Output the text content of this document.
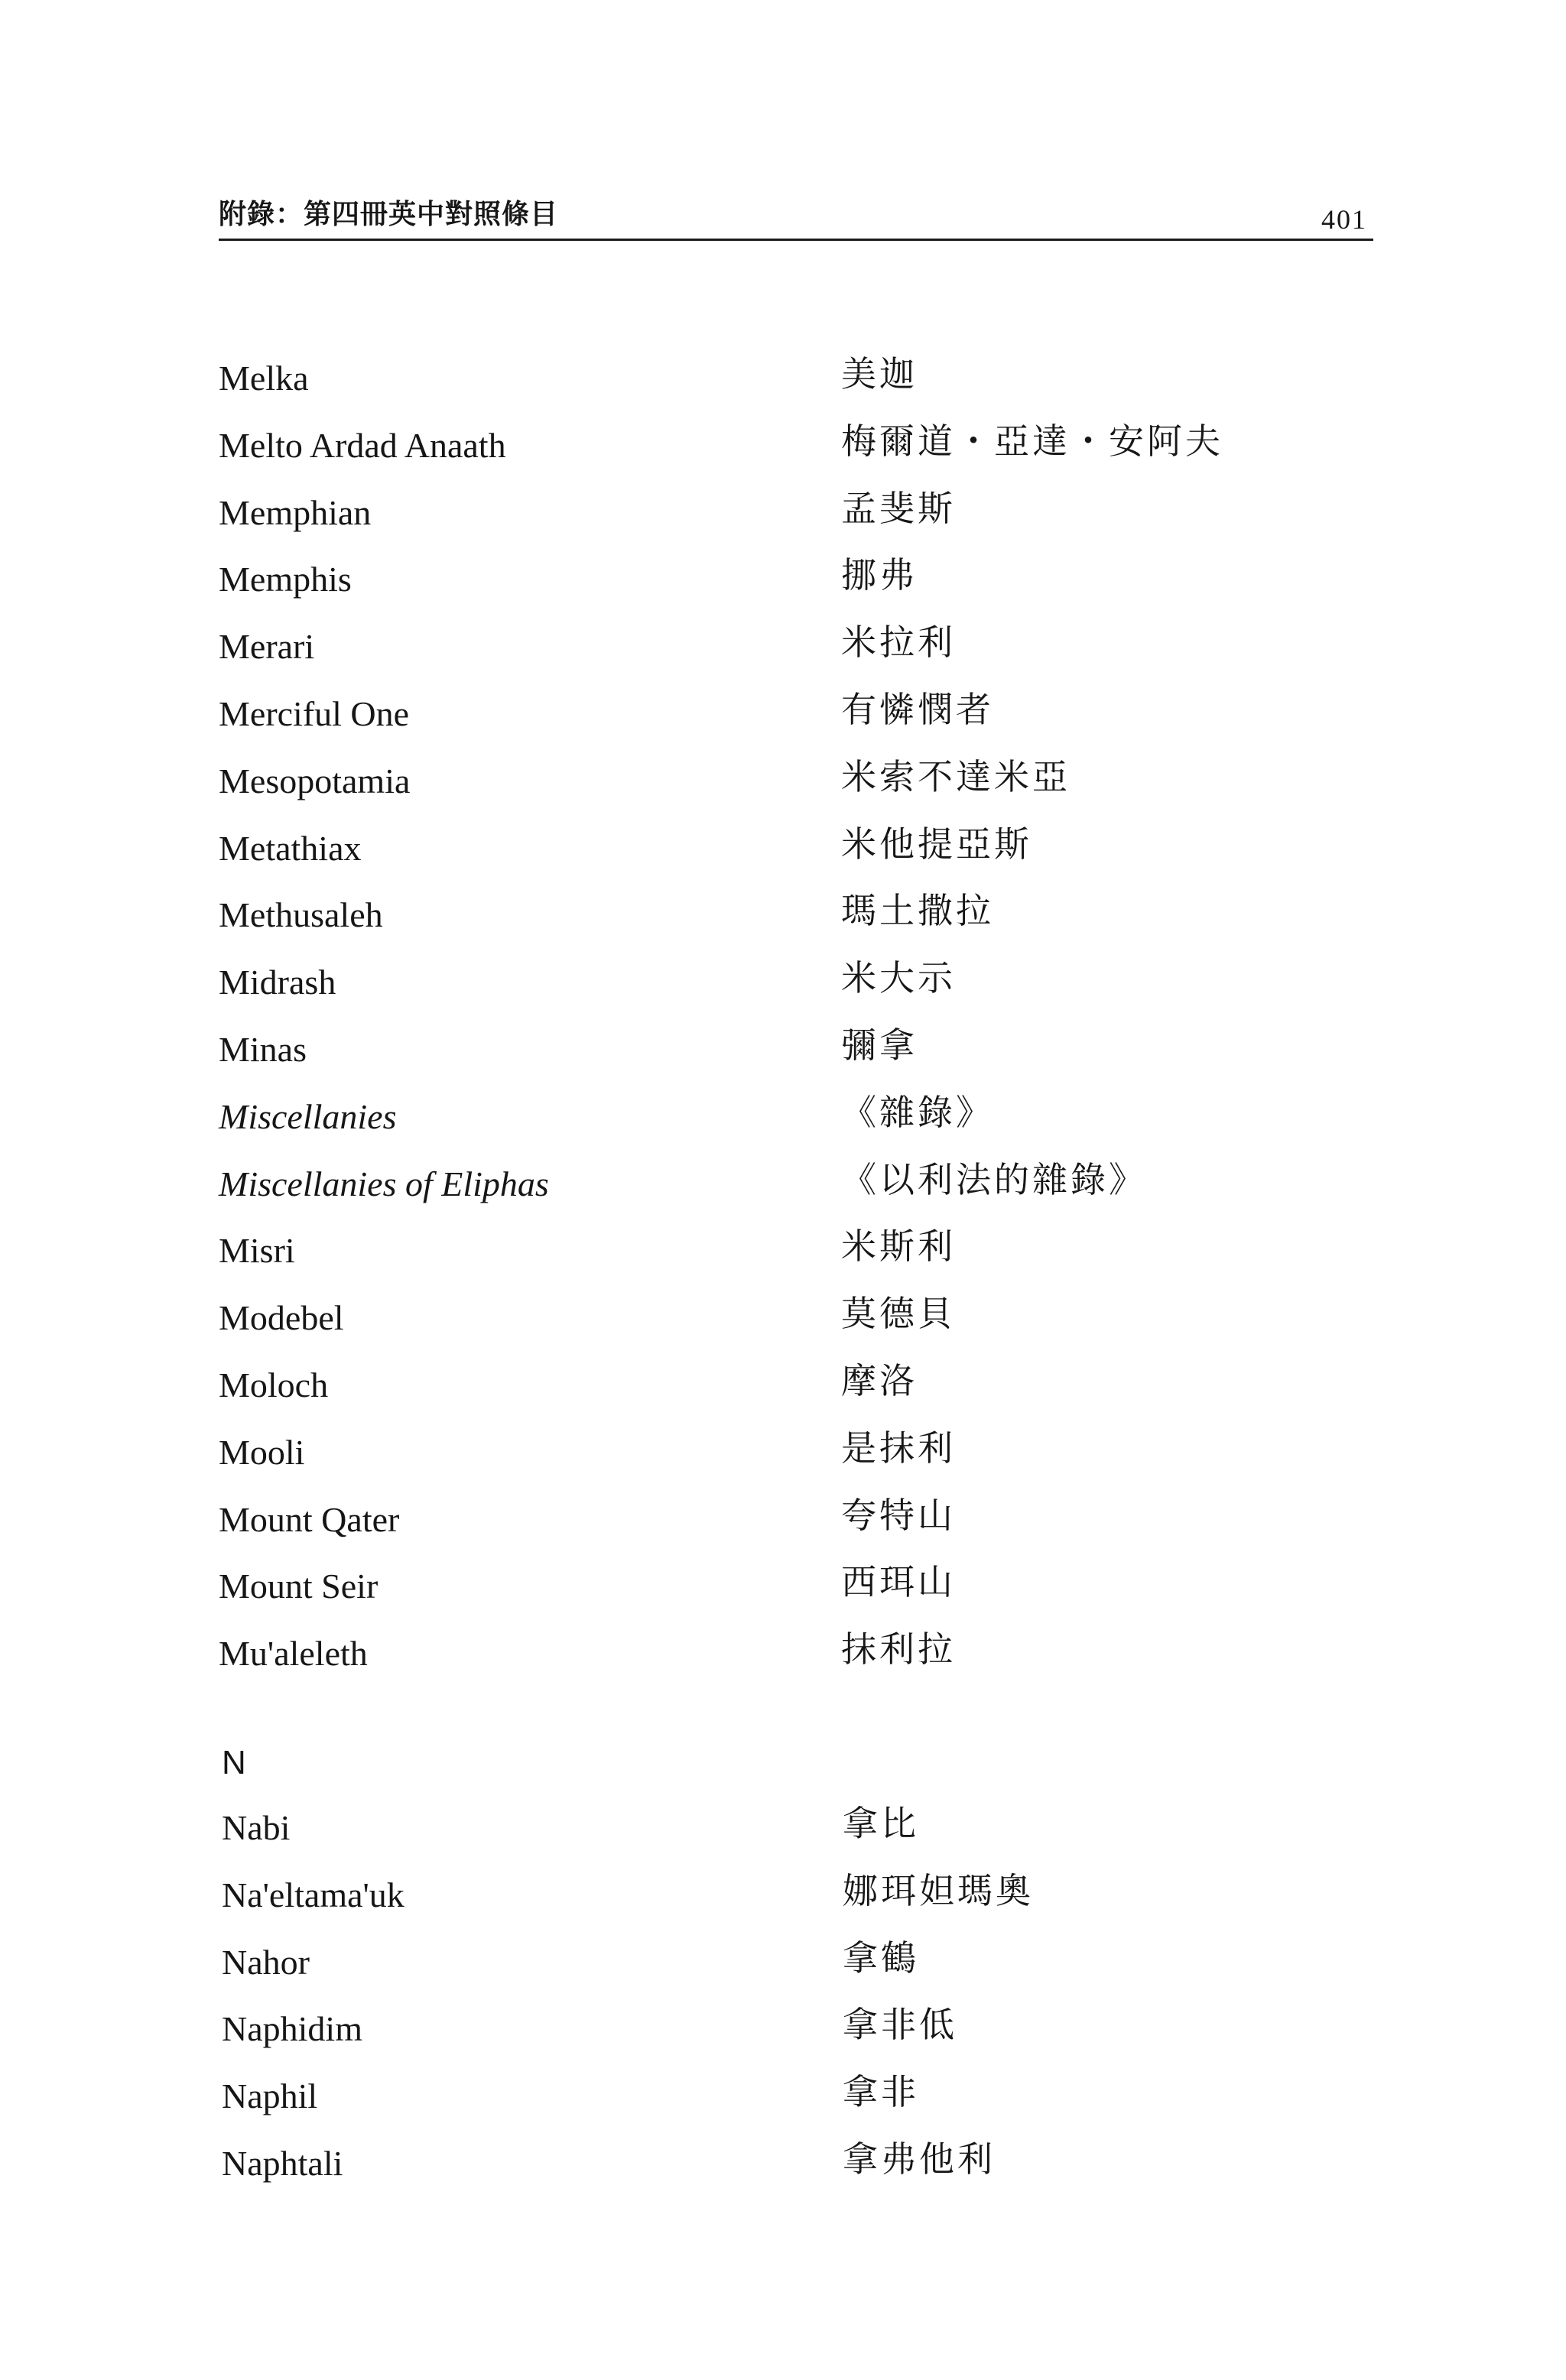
附錄：第四冊英中對照條目	401
Melka	美迦
Melto Ardad Anaath	梅爾道・亞達・安阿夫
Memphian	孟斐斯
Memphis	挪弗
Merari	米拉利
Merciful One	有憐憫者
Mesopotamia	米索不達米亞
Metathiax	米他提亞斯
Methusaleh	瑪土撒拉
Midrash	米大示
Minas	彌拿
Miscellanies	《雜錄》
Miscellanies of Eliphas	《以利法的雜錄》
Misri	米斯利
Modebel	莫德貝
Moloch	摩洛
Mooli	是抹利
Mount Qater	夸特山
Mount Seir	西珥山
Mu'aleleth	抹利拉
N
Nabi	拿比
Na'eltama'uk	娜珥妲瑪奧
Nahor	拿鶴
Naphidim	拿非低
Naphil	拿非
Naphtali	拿弗他利
